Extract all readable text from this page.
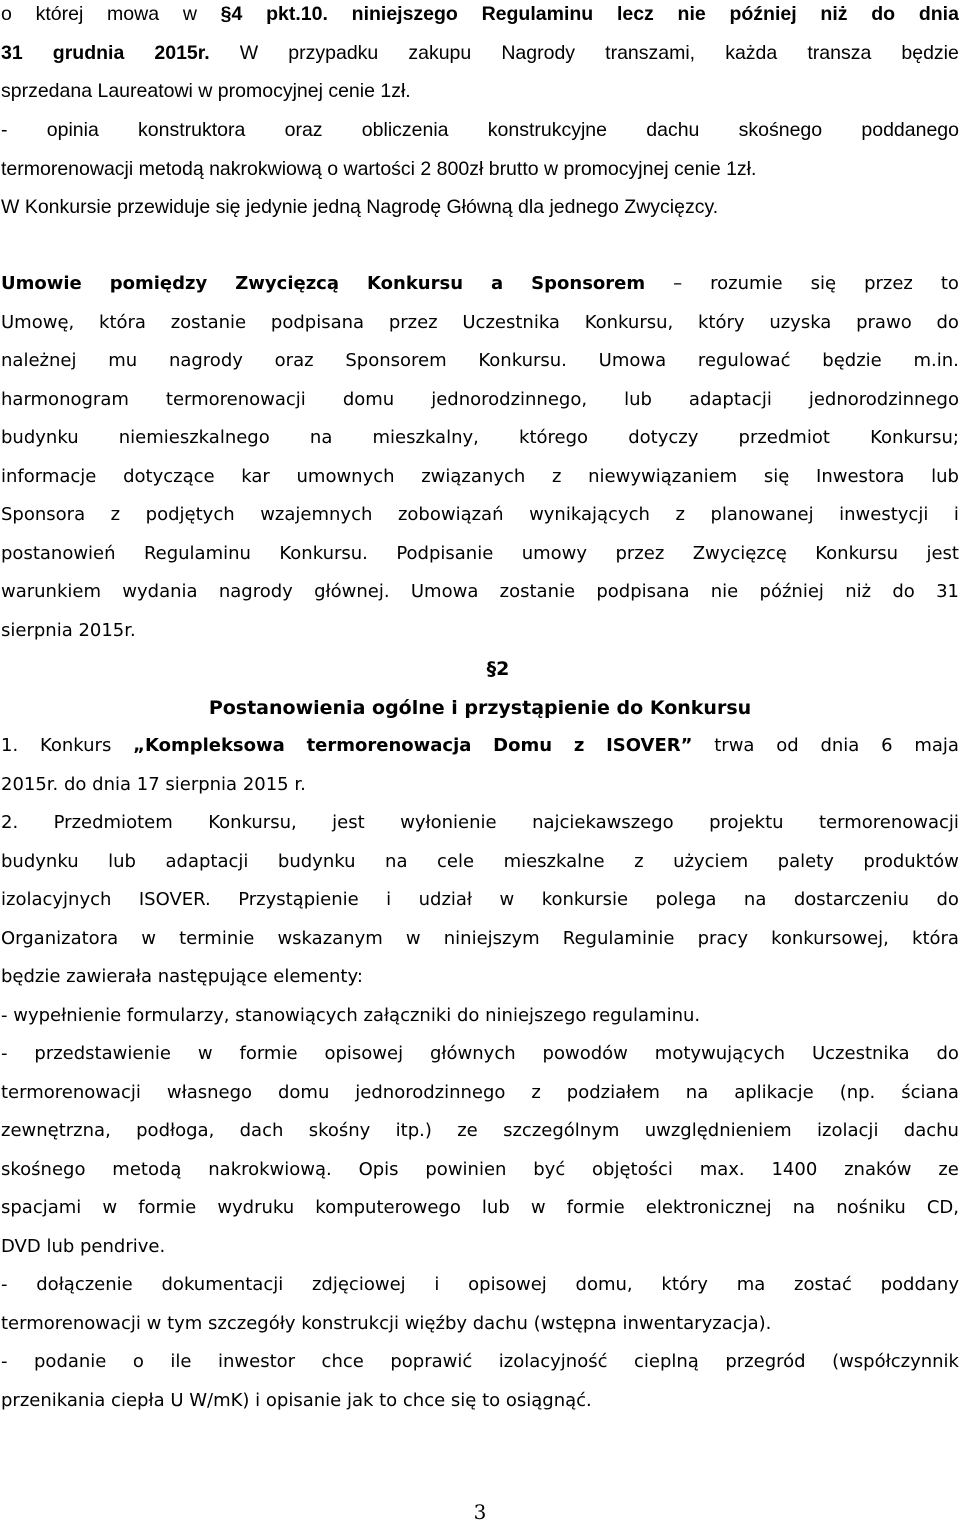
o której mowa w §4 pkt.10. niniejszego Regulaminu lecz nie później niż do dnia
31 grudnia 2015r. W przypadku zakupu Nagrody transzami, każda transza będzie
sprzedana Laureatowi w promocyjnej cenie 1zł.
- opinia konstruktora oraz obliczenia konstrukcyjne dachu skośnego poddanego
termorenowacji metodą nakrokwiową o wartości 2 800zł brutto w promocyjnej cenie 1zł.
W Konkursie przewiduje się jedynie jedną Nagrodę Główną dla jednego Zwycięzcy.
Umowie pomiędzy Zwycięzcą Konkursu a Sponsorem – rozumie się przez to
Umowę, która zostanie podpisana przez Uczestnika Konkursu, który uzyska prawo do
należnej mu nagrody oraz Sponsorem Konkursu. Umowa regulować będzie m.in.
harmonogram termorenowacji domu jednorodzinnego, lub adaptacji jednorodzinnego
budynku niemieszkalnego na mieszkalny, którego dotyczy przedmiot Konkursu;
informacje dotyczące kar umownych związanych z niewywiązaniem się Inwestora lub
Sponsora z podjętych wzajemnych zobowiązań wynikających z planowanej inwestycji i
postanowień Regulaminu Konkursu. Podpisanie umowy przez Zwycięzcę Konkursu jest
warunkiem wydania nagrody głównej. Umowa zostanie podpisana nie później niż do 31
sierpnia 2015r.
§2
Postanowienia ogólne i przystąpienie do Konkursu
1. Konkurs „Kompleksowa termorenowacja Domu z ISOVER” trwa od dnia 6 maja
2015r. do dnia 17 sierpnia 2015 r.
2. Przedmiotem Konkursu, jest wyłonienie najciekawszego projektu termorenowacji
budynku lub adaptacji budynku na cele mieszkalne z użyciem palety produktów
izolacyjnych ISOVER. Przystąpienie i udział w konkursie polega na dostarczeniu do
Organizatora w terminie wskazanym w niniejszym Regulaminie pracy konkursowej, która
będzie zawierała następujące elementy:
- wypełnienie formularzy, stanowiących załączniki do niniejszego regulaminu.
- przedstawienie w formie opisowej głównych powodów motywujących Uczestnika do
termorenowacji własnego domu jednorodzinnego z podziałem na aplikacje (np. ściana
zewnętrzna, podłoga, dach skośny itp.) ze szczególnym uwzględnieniem izolacji dachu
skośnego metodą nakrokwiową. Opis powinien być objętości max. 1400 znaków ze
spacjami w formie wydruku komputerowego lub w formie elektronicznej na nośniku CD,
DVD lub pendrive.
- dołączenie dokumentacji zdjęciowej i opisowej domu, który ma zostać poddany
termorenowacji w tym szczegóły konstrukcji więźby dachu (wstępna inwentaryzacja).
- podanie o ile inwestor chce poprawić izolacyjność cieplną przegród (współczynnik
przenikania ciepła U W/mK) i opisanie jak to chce się to osiągnąć.
3
